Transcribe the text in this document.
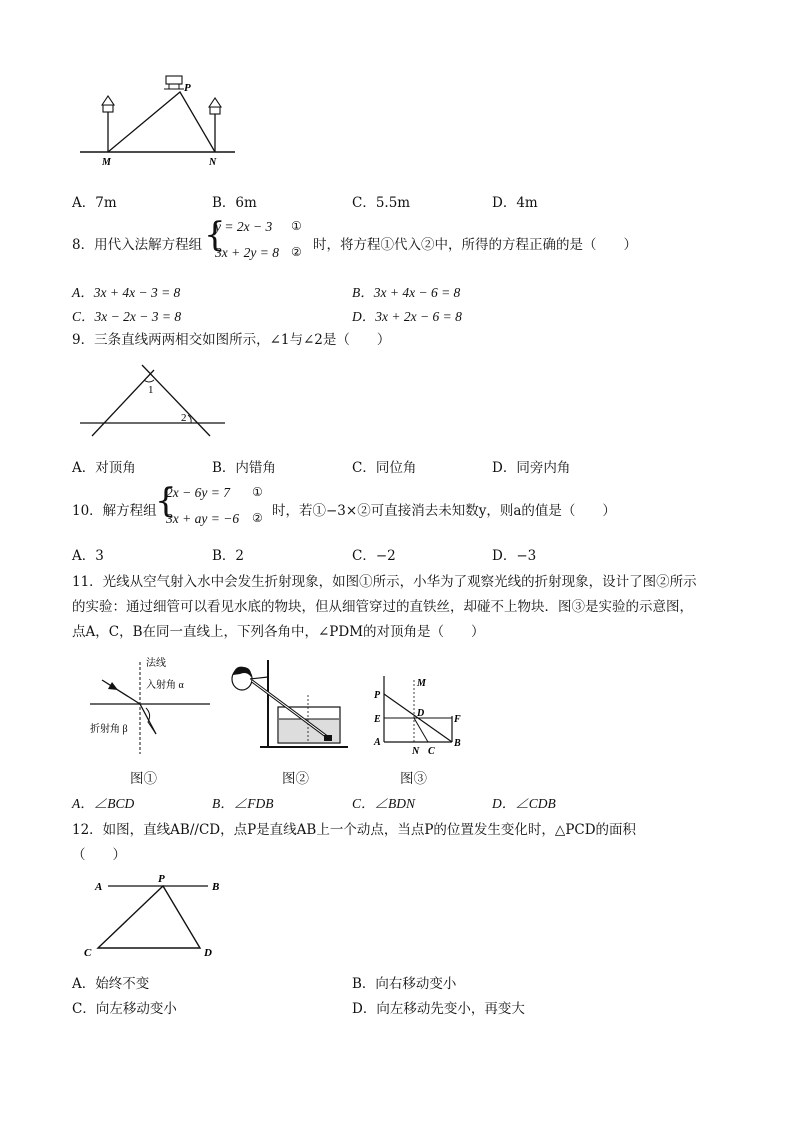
P
M	N
A．7m	B．6m	C．5.5m	D．4m
8．用代入法解方程组 {
y = 2x − 3 ①
3x + 2y = 8 ② 时，将方程①代入②中，所得的方程正确的是（　　）
A．3x + 4x − 3 = 8	B．3x + 4x − 6 = 8
C．3x − 2x − 3 = 8	D．3x + 2x − 6 = 8
9．三条直线两两相交如图所示，∠1与∠2是（　　）
1
2
A．对顶角	B．内错角	C．同位角	D．同旁内角
10．解方程组
{
2x − 6y = 7 ①
3x + ay = −6 ② 时，若①−3×②可直接消去未知数y，则a的值是（　　）
A．3	B．2	C．−2	D．−3
11．光线从空气射入水中会发生折射现象，如图①所示，小华为了观察光线的折射现象，设计了图②所示
的实验：通过细管可以看见水底的物块，但从细管穿过的直铁丝，却碰不上物块．图③是实验的示意图，
点A，C，B在同一直线上，下列各角中，∠PDM的对顶角是（　　）
法线
入射角 α
折射角 β
P
M
E
D
F
A
N C
B
图①	图②	图③
A．∠BCD	B．∠FDB	C．∠BDN	D．∠CDB
12．如图，直线AB//CD，点P是直线AB上一个动点，当点P的位置发生变化时，△PCD的面积
（　　）
A
P
B
C	D
A．始终不变	B．向右移动变小
C．向左移动变小	D．向左移动先变小，再变大
